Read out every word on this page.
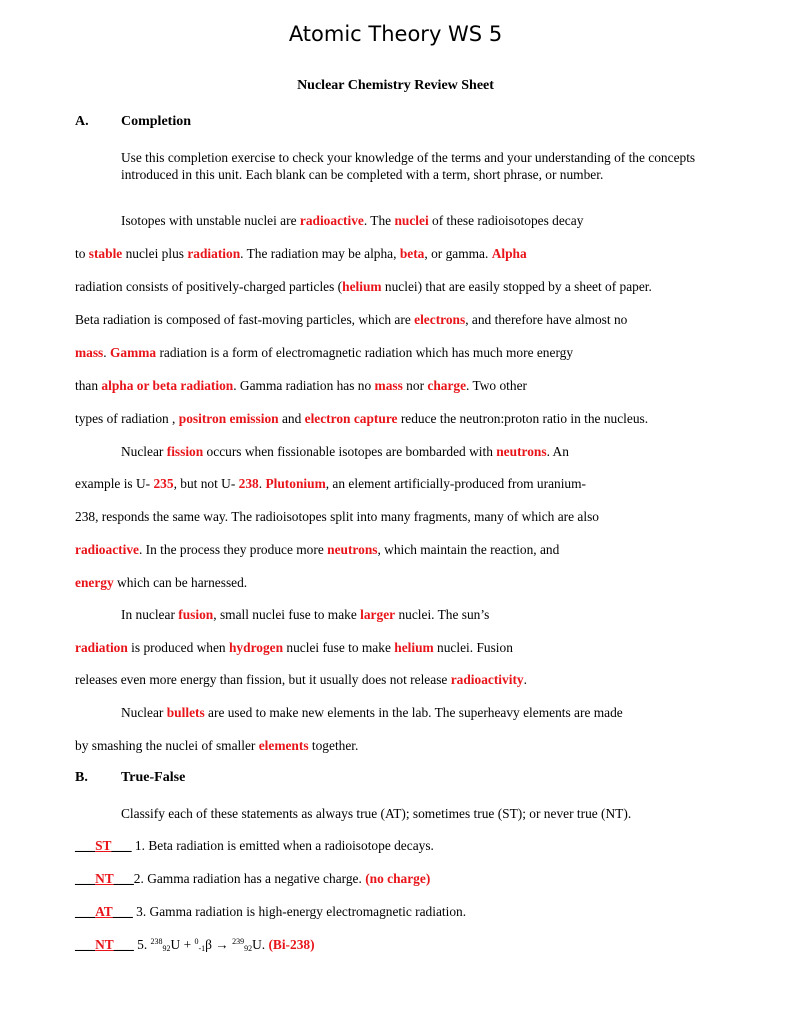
Atomic Theory WS 5
Nuclear Chemistry Review Sheet
A. Completion
Use this completion exercise to check your knowledge of the terms and your understanding of the concepts introduced in this unit. Each blank can be completed with a term, short phrase, or number.
Isotopes with unstable nuclei are radioactive. The nuclei of these radioisotopes decay
to stable nuclei plus radiation. The radiation may be alpha, beta, or gamma. Alpha
radiation consists of positively-charged particles (helium nuclei) that are easily stopped by a sheet of paper.
Beta radiation is composed of fast-moving particles, which are electrons, and therefore have almost no
mass. Gamma radiation is a form of electromagnetic radiation which has much more energy
than alpha or beta radiation. Gamma radiation has no mass nor charge. Two other
types of radiation , positron emission and electron capture reduce the neutron:proton ratio in the nucleus.
Nuclear fission occurs when fissionable isotopes are bombarded with neutrons. An
example is U- 235, but not U- 238. Plutonium, an element artificially-produced from uranium-
238, responds the same way. The radioisotopes split into many fragments, many of which are also
radioactive. In the process they produce more neutrons, which maintain the reaction, and
energy which can be harnessed.
In nuclear fusion, small nuclei fuse to make larger nuclei. The sun’s
radiation is produced when hydrogen nuclei fuse to make helium nuclei. Fusion
releases even more energy than fission, but it usually does not release radioactivity.
Nuclear bullets are used to make new elements in the lab. The superheavy elements are made
by smashing the nuclei of smaller elements together.
B. True-False
Classify each of these statements as always true (AT); sometimes true (ST); or never true (NT).
___ST___ 1. Beta radiation is emitted when a radioisotope decays.
___NT___2. Gamma radiation has a negative charge. (no charge)
___AT___ 3. Gamma radiation is high-energy electromagnetic radiation.
___NT___ 5. $^{238}_{92}$U + $^0_{-1}$β → $^{239}_{92}$U. (Bi-238)
